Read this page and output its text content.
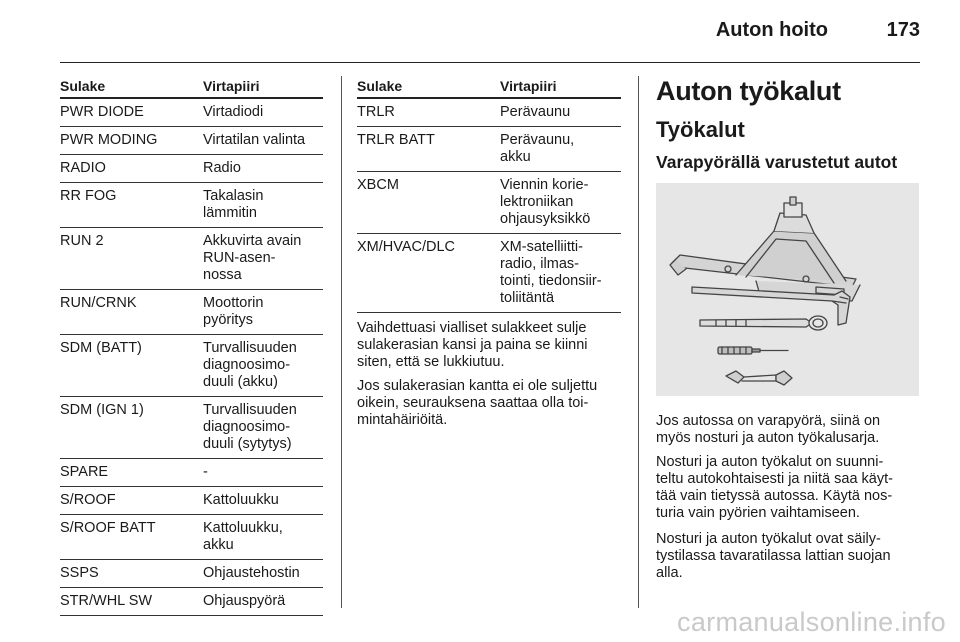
Auton hoito	173
Sulake	Virtapiiri
PWR DIODE	Virtadiodi
PWR MODING	Virtatilan valinta
RADIO	Radio
RR FOG	Takalasin
lämmitin
RUN 2	Akkuvirta avain
RUN-asen-
nossa
RUN/CRNK	Moottorin
pyöritys
SDM (BATT)	Turvallisuuden
diagnoosimo-
duuli (akku)
SDM (IGN 1)	Turvallisuuden
diagnoosimo-
duuli (sytytys)
SPARE	-
S/ROOF	Kattoluukku
S/ROOF BATT	Kattoluukku,
akku
SSPS	Ohjaustehostin
STR/WHL SW	Ohjauspyörä
Sulake	Virtapiiri
TRLR	Perävaunu
TRLR BATT	Perävaunu,
akku
XBCM	Viennin korie-
lektroniikan
ohjausyksikkö
XM/HVAC/DLC	XM-satelliitti-
radio, ilmas-
tointi, tiedonsiir-
toliitäntä

Vaihdettuasi vialliset sulakkeet sulje
sulakerasian kansi ja paina se kiinni
siten, että se lukkiutuu.

Jos sulakerasian kantta ei ole suljettu
oikein, seurauksena saattaa olla toi-
mintahäiriöitä.

Auton työkalut
Työkalut
Varapyörällä varustetut autot

Jos autossa on varapyörä, siinä on
myös nosturi ja auton työkalusarja.

Nosturi ja auton työkalut on suunni-
teltu autokohtaisesti ja niitä saa käyt-
tää vain tietyssä autossa. Käytä nos-
turia vain pyörien vaihtamiseen.

Nosturi ja auton työkalut ovat säily-
tystilassa tavaratilassa lattian suojan
alla.

carmanualsonline.info
